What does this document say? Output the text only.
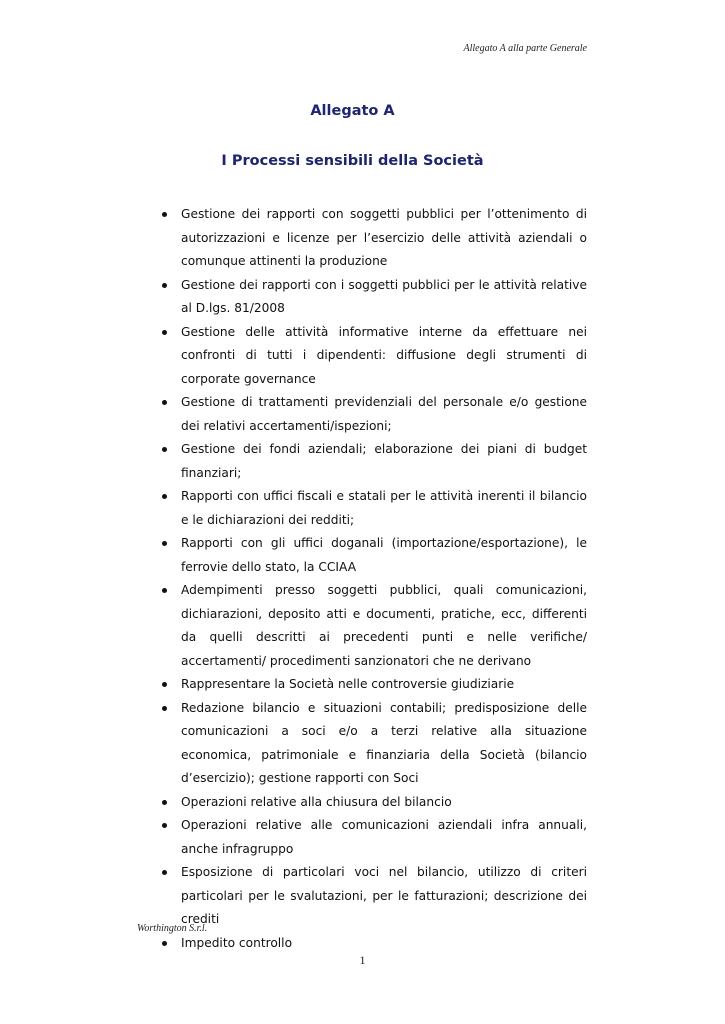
Allegato A alla parte Generale
Allegato A
I Processi sensibili della Società
Gestione dei rapporti con soggetti pubblici per l’ottenimento di autorizzazioni e licenze per l’esercizio delle attività aziendali o comunque attinenti la produzione
Gestione dei rapporti con i soggetti pubblici per le attività relative al D.lgs. 81/2008
Gestione delle attività informative interne da effettuare nei confronti di tutti i dipendenti: diffusione degli strumenti di corporate governance
Gestione di trattamenti previdenziali del personale e/o gestione dei relativi accertamenti/ispezioni;
Gestione dei fondi aziendali; elaborazione dei piani di budget finanziari;
Rapporti con uffici fiscali e statali per le attività inerenti il bilancio e le dichiarazioni dei redditi;
Rapporti con gli uffici doganali (importazione/esportazione), le ferrovie dello stato, la CCIAA
Adempimenti presso soggetti pubblici, quali comunicazioni, dichiarazioni, deposito atti e documenti, pratiche, ecc, differenti da quelli descritti ai precedenti punti e nelle verifiche/ accertamenti/ procedimenti sanzionatori che ne derivano
Rappresentare la Società nelle controversie giudiziarie
Redazione bilancio e situazioni contabili; predisposizione delle comunicazioni a soci e/o a terzi relative alla situazione economica, patrimoniale e finanziaria della Società (bilancio d’esercizio); gestione rapporti con Soci
Operazioni relative alla chiusura del bilancio
Operazioni relative alle comunicazioni aziendali infra annuali, anche infragruppo
Esposizione di particolari voci nel bilancio, utilizzo di criteri particolari per le svalutazioni, per le fatturazioni; descrizione dei crediti
Impedito controllo
Worthington S.r.l.
1
